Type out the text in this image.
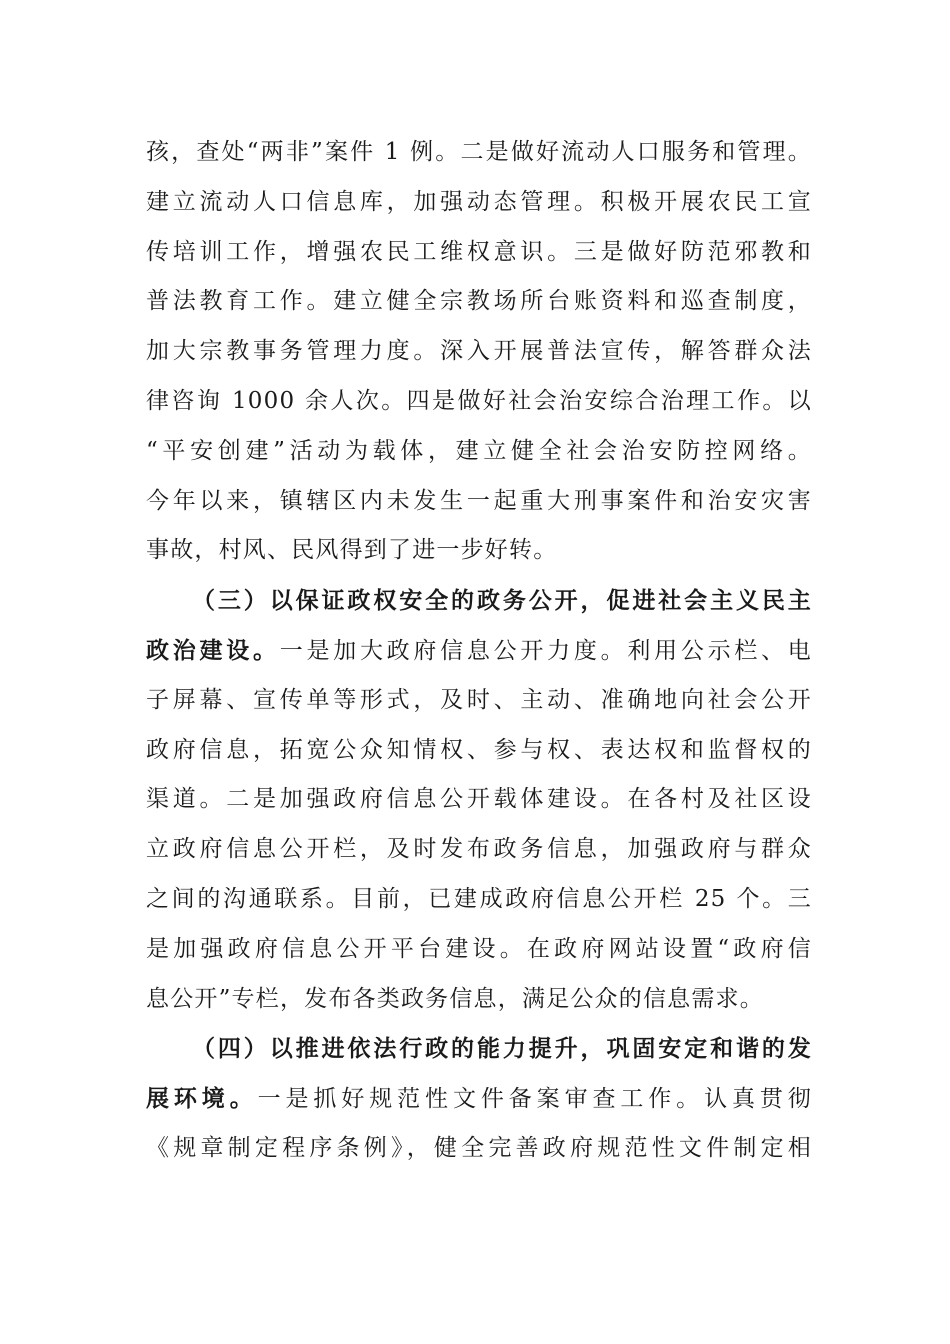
孩，查处“两非”案件 1 例。二是做好流动人口服务和管理。
建立流动人口信息库，加强动态管理。积极开展农民工宣
传培训工作，增强农民工维权意识。三是做好防范邪教和
普法教育工作。建立健全宗教场所台账资料和巡查制度，
加大宗教事务管理力度。深入开展普法宣传，解答群众法
律咨询 1000 余人次。四是做好社会治安综合治理工作。以
“平安创建”活动为载体，建立健全社会治安防控网络。
今年以来，镇辖区内未发生一起重大刑事案件和治安灾害
事故，村风、民风得到了进一步好转。
（三）以保证政权安全的政务公开，促进社会主义民主
政治建设。一是加大政府信息公开力度。利用公示栏、电
子屏幕、宣传单等形式，及时、主动、准确地向社会公开
政府信息，拓宽公众知情权、参与权、表达权和监督权的
渠道。二是加强政府信息公开载体建设。在各村及社区设
立政府信息公开栏，及时发布政务信息，加强政府与群众
之间的沟通联系。目前，已建成政府信息公开栏 25 个。三
是加强政府信息公开平台建设。在政府网站设置“政府信
息公开”专栏，发布各类政务信息，满足公众的信息需求。
（四）以推进依法行政的能力提升，巩固安定和谐的发
展环境。一是抓好规范性文件备案审查工作。认真贯彻
《规章制定程序条例》，健全完善政府规范性文件制定相
